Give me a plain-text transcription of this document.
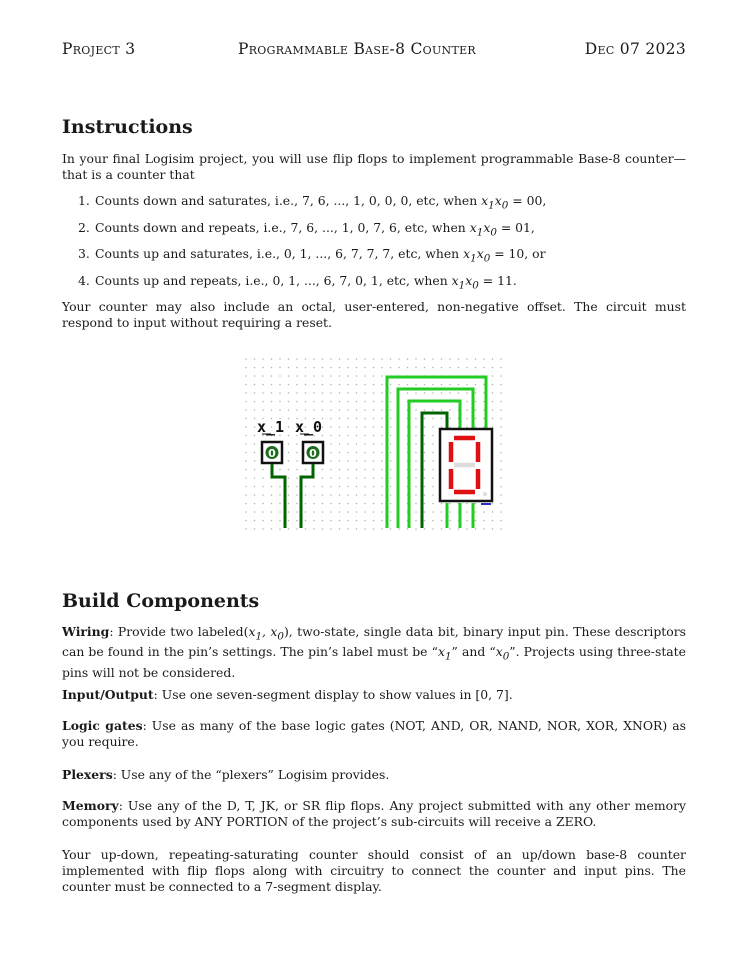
Project 3	Programmable Base-8 Counter	Dec 07 2023
Instructions
In your final Logisim project, you will use flip flops to implement programmable Base-8 counter—that is a counter that
1. Counts down and saturates, i.e., 7, 6, ..., 1, 0, 0, 0, etc, when $x_1x_0 = 00$,
2. Counts down and repeats, i.e., 7, 6, ..., 1, 0, 7, 6, etc, when $x_1x_0 = 01$,
3. Counts up and saturates, i.e., 0, 1, ..., 6, 7, 7, 7, etc, when $x_1x_0 = 10$, or
4. Counts up and repeats, i.e., 0, 1, ..., 6, 7, 0, 1, etc, when $x_1x_0 = 11$.
Your counter may also include an octal, user-entered, non-negative offset. The circuit must respond to input without requiring a reset.
x_1
0
x_0
0
Build Components
Wiring: Provide two $labeled(x_1$, $x_0$), two-state, single data bit, binary input pin. These descriptors can be found in the pin’s settings. The pin’s label must be “$x_1$” and “$x_0$”. Projects using three-state pins will not be considered.
Input/Output: Use one seven-segment display to show values in [0, 7].
Logic gates: Use as many of the base logic gates (NOT, AND, OR, NAND, NOR, XOR, XNOR) as you require.
Plexers: Use any of the “plexers” Logisim provides.
Memory: Use any of the D, T, JK, or SR flip flops. Any project submitted with any other memory components used by ANY PORTION of the project’s sub-circuits will receive a ZERO.
Your up-down, repeating-saturating counter should consist of an up/down base-8 counter implemented with flip flops along with circuitry to connect the counter and input pins. The counter must be connected to a 7-segment display.
